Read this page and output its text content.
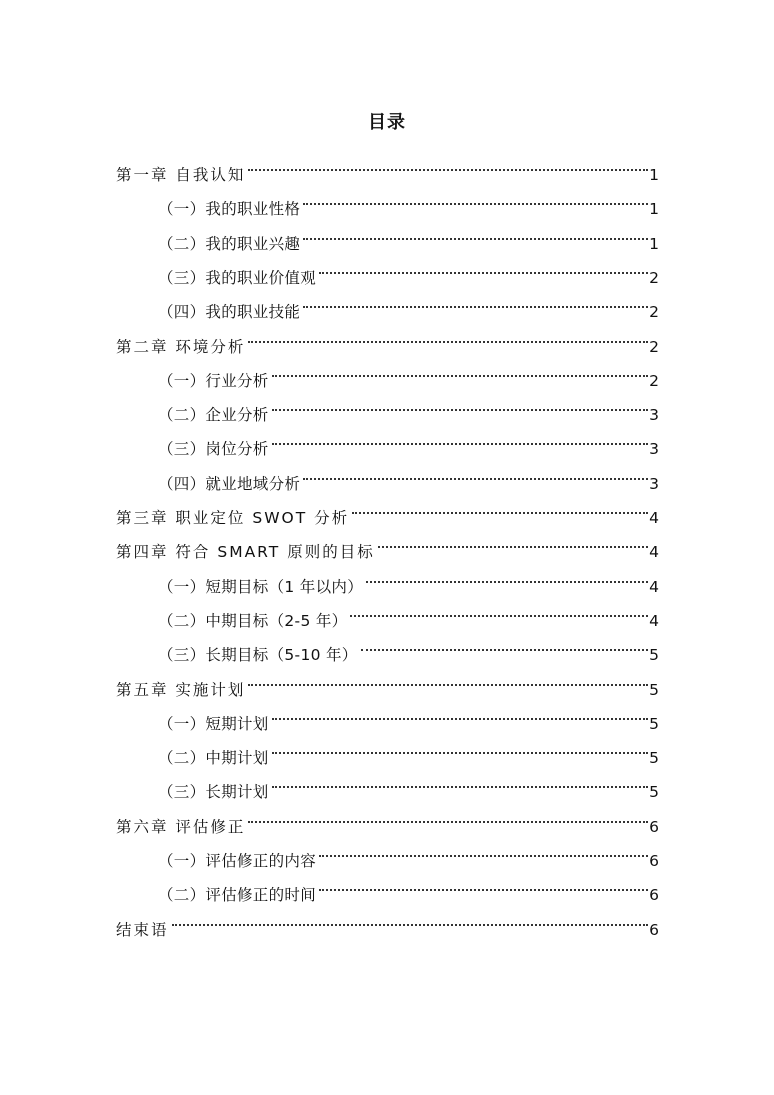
目录
第一章 自我认知	1
（一）我的职业性格	1
（二）我的职业兴趣	1
（三）我的职业价值观	2
（四）我的职业技能	2
第二章 环境分析	2
（一）行业分析	2
（二）企业分析	3
（三）岗位分析	3
（四）就业地域分析	3
第三章 职业定位 SWOT 分析	4
第四章 符合 SMART 原则的目标	4
（一）短期目标（1 年以内）	4
（二）中期目标（2-5 年）	4
（三）长期目标（5-10 年）	5
第五章 实施计划	5
（一）短期计划	5
（二）中期计划	5
（三）长期计划	5
第六章 评估修正	6
（一）评估修正的内容	6
（二）评估修正的时间	6
结束语	6
